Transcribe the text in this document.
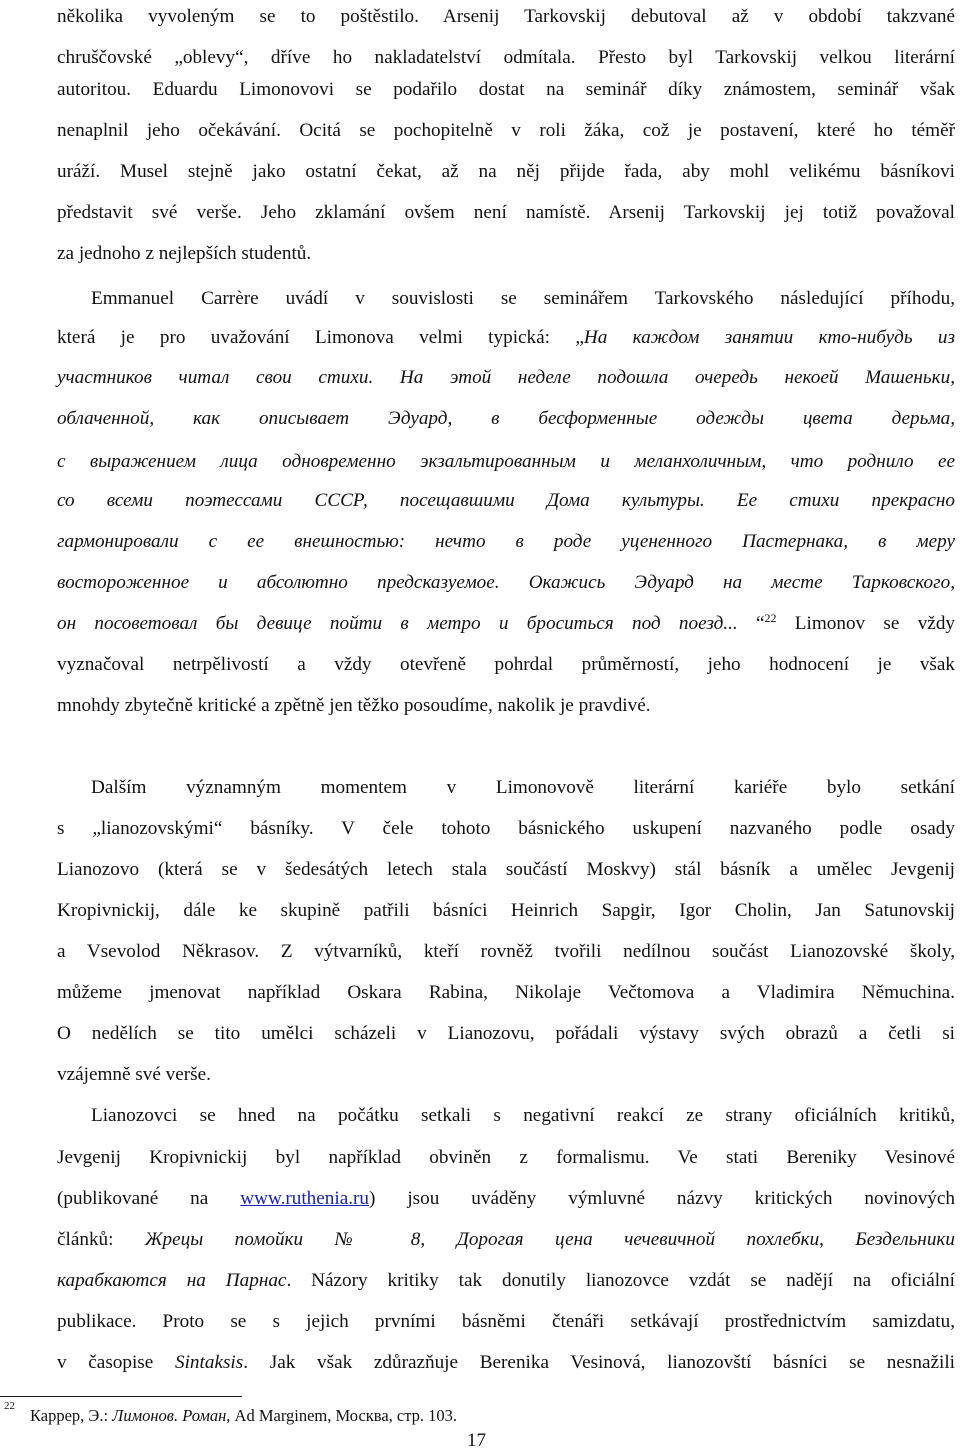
několika vyvoleným se to poštěstilo. Arsenij Tarkovskij debutoval až v období takzvané
chruščovské „oblevy“, dříve ho nakladatelství odmítala. Přesto byl Tarkovskij velkou literární
autoritou. Eduardu Limonovovi se podařilo dostat na seminář díky známostem, seminář však
nenaplnil jeho očekávání. Ocitá se pochopitelně v roli žáka, což je postavení, které ho téměř
uráží. Musel stejně jako ostatní čekat, až na něj přijde řada, aby mohl velikému básníkovi
představit své verše. Jeho zklamání ovšem není namístě. Arsenij Tarkovskij jej totiž považoval
za jednoho z nejlepších studentů.
Emmanuel Carrère uvádí v souvislosti se seminářem Tarkovského následující příhodu,
která je pro uvažování Limonova velmi typická: „На каждом занятии кто-нибудь из
участников читал свои стихи. На этой неделе подошла очередь некоей Машеньки,
облаченной, как описывает Эдуард, в бесформенные одежды цвета дерьма,
с выражением лица одновременно экзальтированным и меланхоличным, что роднило ее
со всеми поэтессами СССР, посещавшими Дома культуры. Ее стихи прекрасно
гармонировали с ее внешностью: нечто в роде уцененного Пастернака, в меру
восторoженное и абсолютно предсказуемое. Окажись Эдуард на месте Тарковского,
он посоветовал бы девице пойти в метро и броситься под поезд... “$^{22}$ Limonov se vždy
vyznačoval netrpělivostí a vždy otevřeně pohrdal průměrností, jeho hodnocení je však
mnohdy zbytečně kritické a zpětně jen těžko posoudíme, nakolik je pravdivé.
Dalším významným momentem v Limonovově literární kariéře bylo setkání
s „lianozovskými“ básníky. V čele tohoto básnického uskupení nazvaného podle osady
Lianozovo (která se v šedesátých letech stala součástí Moskvy) stál básník a umělec Jevgenij
Kropivnickij, dále ke skupině patřili básníci Heinrich Sapgir, Igor Cholin, Jan Satunovskij
a Vsevolod Někrasov. Z výtvarníků, kteří rovněž tvořili nedílnou součást Lianozovské školy,
můžeme jmenovat například Oskara Rabina, Nikolaje Večtomova a Vladimira Němuchina.
O nedělích se tito umělci scházeli v Lianozovu, pořádali výstavy svých obrazů a četli si
vzájemně své verše.
Lianozovci se hned na počátku setkali s negativní reakcí ze strany oficiálních kritiků,
Jevgenij Kropivnickij byl například obviněn z formalismu. Ve stati Bereniky Vesinové
(publikované na www.ruthenia.ru) jsou uváděny výmluvné názvy kritických novinových
článků: Жрецы помойки № 8, Дорогая цена чечевичной похлебки, Бездельники
карабкаются на Парнас. Názory kritiky tak donutily lianozovce vzdát se nadějí na oficiální
publikace. Proto se s jejich prvními básněmi čtenáři setkávají prostřednictvím samizdatu,
v časopise Sintaksis. Jak však zdůrazňuje Berenika Vesinová, lianozovští básníci se nesnažili
22 Каррер, Э.: Лимонов. Роман, Ad Marginem, Москва, стр. 103.
17
